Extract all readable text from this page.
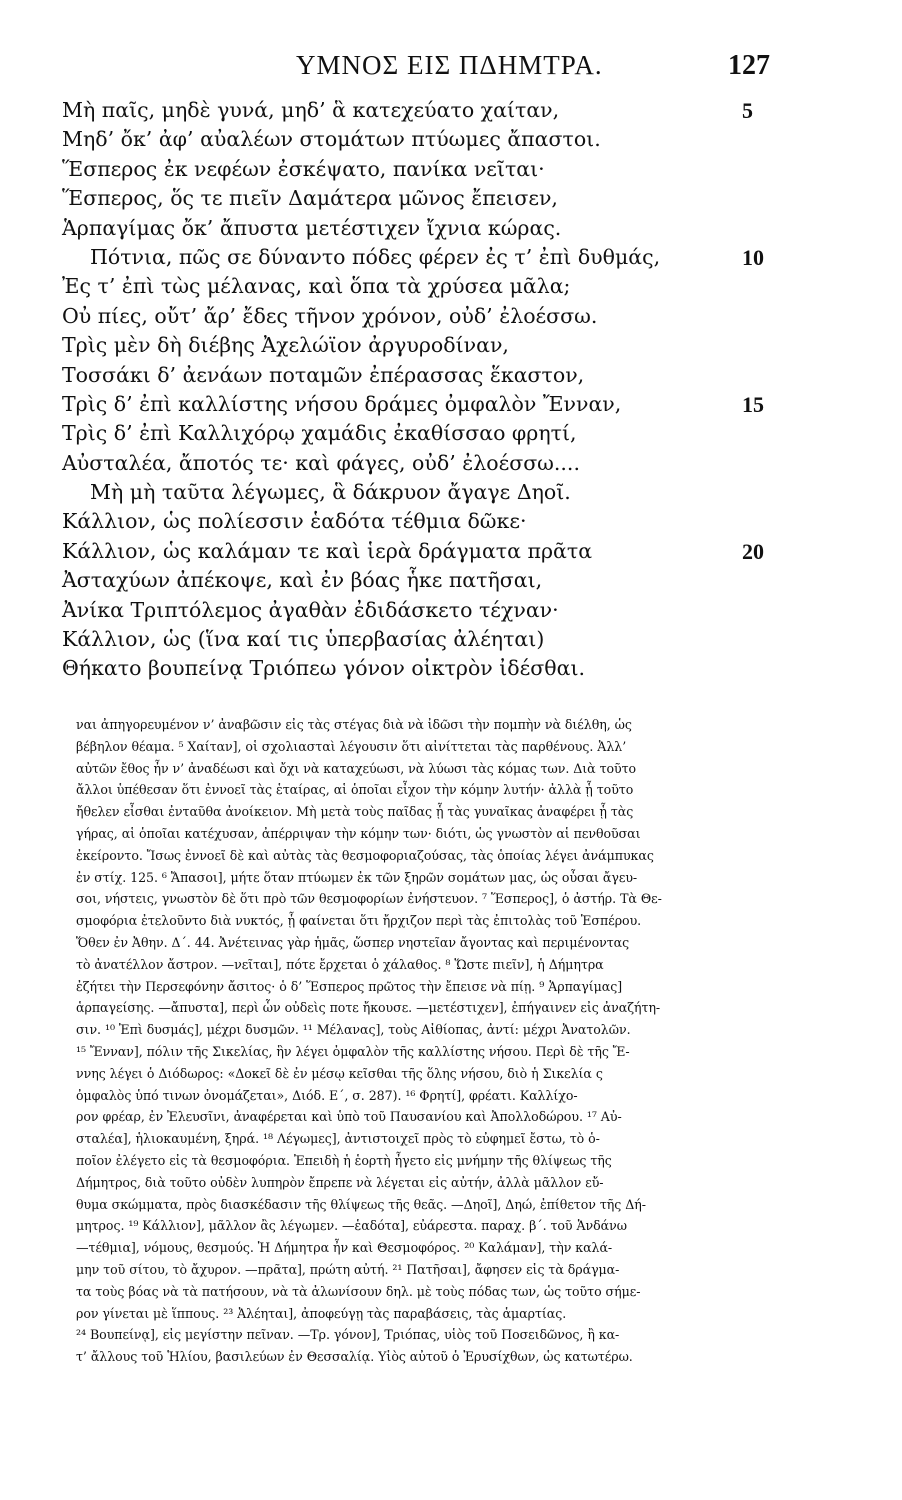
ΥΜΝΟΣ ΕΙΣ ΠΔΗΜΤΡΑ.	127
Μὴ παῖς, μηδὲ γυνά, μηδ’ ἃ κατεχεύατο χαίταν,	5
Μηδ’ ὄκ’ ἀφ’ αὐαλέων στομάτων πτύωμες ἄπαστοι.
Ἕσπερος ἐκ νεφέων ἐσκέψατο, πανίκα νεῖται·
Ἕσπερος, ὅς τε πιεῖν Δαμάτερα μῶνος ἔπεισεν,
Ἁρπαγίμας ὄκ’ ἄπυστα μετέστιχεν ἴχνια κώρας.
Πότνια, πῶς σε δύναντο πόδες φέρεν ἐς τ’ ἐπὶ δυθμάς,	10
Ἐς τ’ ἐπὶ τὼς μέλανας, καὶ ὅπα τὰ χρύσεα μᾶλα;
Οὐ πίες, οὔτ’ ἄρ’ ἔδες τῆνον χρόνον, οὐδ’ ἐλοέσσω.
Τρὶς μὲν δὴ διέβης Ἀχελώϊον ἀργυροδίναν,
Τοσσάκι δ’ ἀενάων ποταμῶν ἐπέρασσας ἕκαστον,
Τρὶς δ’ ἐπὶ καλλίστης νήσου δράμες ὀμφαλὸν Ἔνναν,	15
Τρὶς δ’ ἐπὶ Καλλιχόρῳ χαμάδις ἐκαθίσσαο φρητί,
Αὐσταλέα, ἄποτός τε· καὶ φάγες, οὐδ’ ἐλοέσσω....
Μὴ μὴ ταῦτα λέγωμες, ἃ δάκρυον ἄγαγε Δηοῖ.
Κάλλιον, ὡς πολίεσσιν ἑαδότα τέθμια δῶκε·
Κάλλιον, ὡς καλάμαν τε καὶ ἱερὰ δράγματα πρᾶτα	20
Ἀσταχύων ἀπέκοψε, καὶ ἐν βόας ἧκε πατῆσαι,
Ἀνίκα Τριπτόλεμος ἀγαθὰν ἐδιδάσκετο τέχναν·
Κάλλιον, ὡς (ἵνα καί τις ὑπερβασίας ἀλέηται)
Θήκατο βουπείνᾳ Τριόπεω γόνον οἰκτρὸν ἰδέσθαι.
ναι ἀπηγορευμένον ν’ ἀναβῶσιν εἰς τὰς στέγας διὰ νὰ ἰδῶσι τὴν πομπὴν νὰ διέλθη, ὡς
βέβηλον θέαμα. ⁵ Χαίταν], οἱ σχολιασταὶ λέγουσιν ὅτι αἰνίττεται τὰς παρθένους. Ἀλλ’
αὐτῶν ἔθος ἦν ν’ ἀναδέωσι καὶ ὄχι νὰ καταχεύωσι, νὰ λύωσι τὰς κόμας των. Διὰ τοῦτο
ἄλλοι ὑπέθεσαν ὅτι ἐννοεῖ τὰς ἑταίρας, αἱ ὁποῖαι εἶχον τὴν κόμην λυτήν· ἀλλὰ ᾗ τοῦτο
ἤθελεν εἶσθαι ἐνταῦθα ἀνοίκειον. Μὴ μετὰ τοὺς παῖδας ᾗ τὰς γυναῖκας ἀναφέρει ᾗ τὰς
γήρας, αἱ ὁποῖαι κατέχυσαν, ἀπέρριψαν τὴν κόμην των· διότι, ὡς γνωστὸν αἱ πενθοῦσαι
ἐκείροντο. Ἴσως ἐννοεῖ δὲ καὶ αὐτὰς τὰς θεσμοφοριαζούσας, τὰς ὁποίας λέγει ἀνάμπυκας
ἐν στίχ. 125. ⁶ Ἄπασοι], μήτε ὅταν πτύωμεν ἐκ τῶν ξηρῶν σομάτων μας, ὡς οὖσαι ἄγευ-
σοι, νήστεις, γνωστὸν δὲ ὅτι πρὸ τῶν θεσμοφορίων ἐνήστευον. ⁷ Ἕσπερος], ὁ ἀστήρ. Τὰ Θε-
σμοφόρια ἐτελοῦντο διὰ νυκτός, ᾗ φαίνεται ὅτι ἤρχιζον περὶ τὰς ἐπιτολὰς τοῦ Ἑσπέρου.
Ὅθεν ἐν Ἀθην. Δ΄. 44. Ἀνέτεινας γὰρ ἡμᾶς, ὥσπερ νηστεῖαν ἄγοντας καὶ περιμένοντας
τὸ ἀνατέλλον ἄστρον. —νεῖται], πότε ἔρχεται ὁ χάλαθος. ⁸ Ὥστε πιεῖν], ἡ Δήμητρα
ἐζήτει τὴν Περσεφόνην ἄσιτος· ὁ δ’ Ἕσπερος πρῶτος τὴν ἔπεισε νὰ πίῃ. ⁹ Ἁρπαγίμας]
ἁρπαγείσης. —ἄπυστα], περὶ ὧν οὐδεὶς ποτε ἤκουσε. —μετέστιχεν], ἐπήγαινεν εἰς ἀναζήτη-
σιν. ¹⁰ Ἐπὶ δυσμάς], μέχρι δυσμῶν. ¹¹ Μέλανας], τοὺς Αἰθίοπας, ἀντί: μέχρι Ἀνατολῶν.
¹⁵ Ἔνναν], πόλιν τῆς Σικελίας, ἣν λέγει ὀμφαλὸν τῆς καλλίστης νήσου. Περὶ δὲ τῆς Ἔ-
ννης λέγει ὁ Διόδωρος: «Δοκεῖ δὲ ἐν μέσῳ κεῖσθαι τῆς ὅλης νήσου, διὸ ἡ Σικελία ς
ὀμφαλὸς ὑπό τινων ὀνομάζεται», Διόδ. Ε΄, σ. 287). ¹⁶ Φρητί], φρέατι. Καλλίχο-
ρον φρέαρ, ἐν Ἐλευσῖνι, ἀναφέρεται καὶ ὑπὸ τοῦ Παυσανίου καὶ Ἀπολλοδώρου. ¹⁷ Αὐ-
σταλέα], ἡλιοκαυμένη, ξηρά. ¹⁸ Λέγωμες], ἀντιστοιχεῖ πρὸς τὸ εὐφημεῖ ἔστω, τὸ ὁ-
ποῖον ἐλέγετο εἰς τὰ θεσμοφόρια. Ἐπειδὴ ἡ ἑορτὴ ἦγετο εἰς μνήμην τῆς θλίψεως τῆς
Δήμητρος, διὰ τοῦτο οὐδὲν λυπηρὸν ἔπρεπε νὰ λέγεται εἰς αὐτήν, ἀλλὰ μᾶλλον εὔ-
θυμα σκώμματα, πρὸς διασκέδασιν τῆς θλίψεως τῆς θεᾶς. —Δηοῖ], Δηώ, ἐπίθετον τῆς Δή-
μητρος. ¹⁹ Κάλλιον], μᾶλλον ἂς λέγωμεν. —ἑαδότα], εὐάρεστα. παραχ. β΄. τοῦ Ἁνδάνω
—τέθμια], νόμους, θεσμούς. Ἡ Δήμητρα ἦν καὶ Θεσμοφόρος. ²⁰ Καλάμαν], τὴν καλά-
μην τοῦ σίτου, τὸ ἄχυρον. —πρᾶτα], πρώτη αὐτή. ²¹ Πατῆσαι], ἄφησεν εἰς τὰ δράγμα-
τα τοὺς βόας νὰ τὰ πατήσουν, νὰ τὰ ἀλωνίσουν δηλ. μὲ τοὺς πόδας των, ὡς τοῦτο σήμε-
ρον γίνεται μὲ ἵππους. ²³ Ἀλέηται], ἀποφεύγῃ τὰς παραβάσεις, τὰς ἁμαρτίας.
²⁴ Βουπείνᾳ], εἰς μεγίστην πεῖναν. —Τρ. γόνον], Τριόπας, υἱὸς τοῦ Ποσειδῶνος, ἢ κα-
τ’ ἄλλους τοῦ Ἡλίου, βασιλεύων ἐν Θεσσαλίᾳ. Υἱὸς αὐτοῦ ὁ Ἐρυσίχθων, ὡς κατωτέρω.
